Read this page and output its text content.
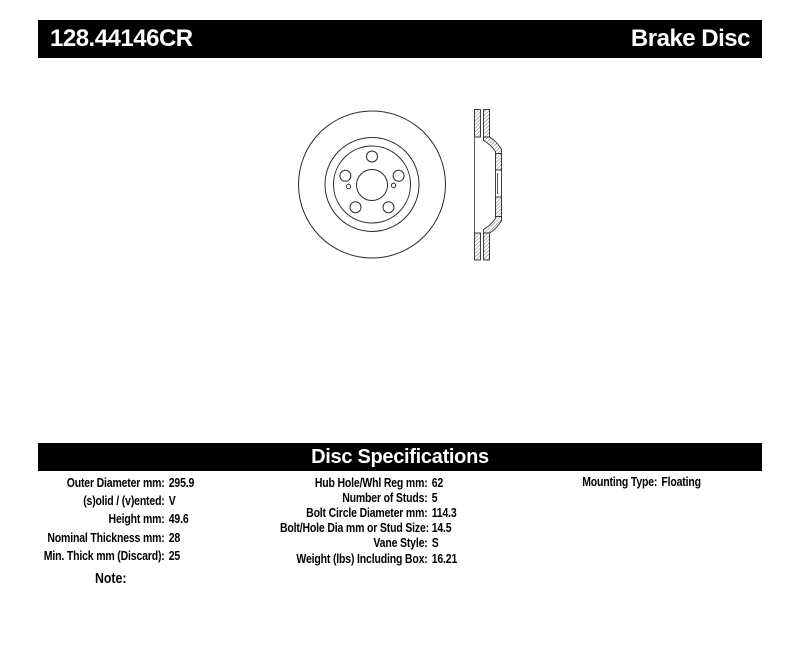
128.44146CR	Brake Disc
Disc Specifications
Outer Diameter mm: 295.9
(s)olid / (v)ented: V
Height mm: 49.6
Nominal Thickness mm: 28
Min. Thick mm (Discard): 25
Hub Hole/Whl Reg mm: 62
Number of Studs: 5
Bolt Circle Diameter mm: 114.3
Bolt/Hole Dia mm or Stud Size: 14.5
Vane Style: S
Weight (lbs) Including Box: 16.21
Mounting Type: Floating
Note:
